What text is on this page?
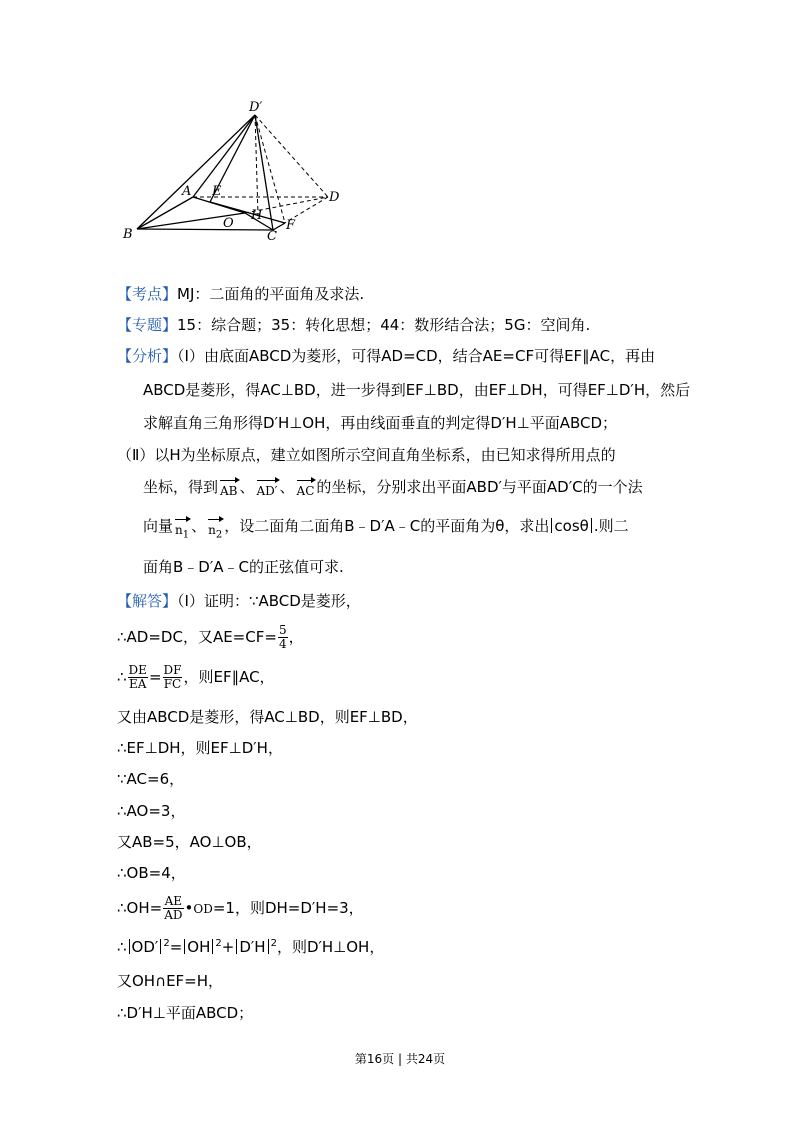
D′
A E	D
B
O
H
C
F
【考点】MJ：二面角的平面角及求法.
【专题】15：综合题；35：转化思想；44：数形结合法；5G：空间角.
【分析】（Ⅰ）由底面ABCD为菱形，可得AD=CD，结合AE=CF可得EF∥AC，再由
ABCD是菱形，得AC⊥BD，进一步得到EF⊥BD，由EF⊥DH，可得EF⊥D′H，然后
求解直角三角形得D′H⊥OH，再由线面垂直的判定得D′H⊥平面ABCD；
（Ⅱ）以H为坐标原点，建立如图所示空间直角坐标系，由已知求得所用点的
坐标，得到 AB 、 AD′ 、 AC 的坐标，分别求出平面ABD′与平面AD′C的一个法
向量 $n_1$ 、 $n_2$ ，设二面角二面角B﹣D′A﹣C的平面角为θ，求出 cosθ .则二
面角B﹣D′A﹣C的正弦值可求.
【解答】（Ⅰ）证明：∵ABCD是菱形，
∴AD=DC，又$AE=CF= \frac{5}{4}$ ，
∴ $\frac{DE}{EA} = \frac{DF}{FC}$ ，则EF∥AC，
又由ABCD是菱形，得AC⊥BD，则EF⊥BD，
∴EF⊥DH，则EF⊥D′H，
∵AC=6，
∴AO=3，
又AB=5，AO⊥OB，
∴OB=4，
∴OH= $\frac{AE}{AD}$ •OD=1，则DH=D′H=3，
∴ OD′ $^2$= OH $^2$+ D′H $^2$，则D′H⊥OH，
又OH∩EF=H，
∴D′H⊥平面ABCD；
第16页 | 共24页
